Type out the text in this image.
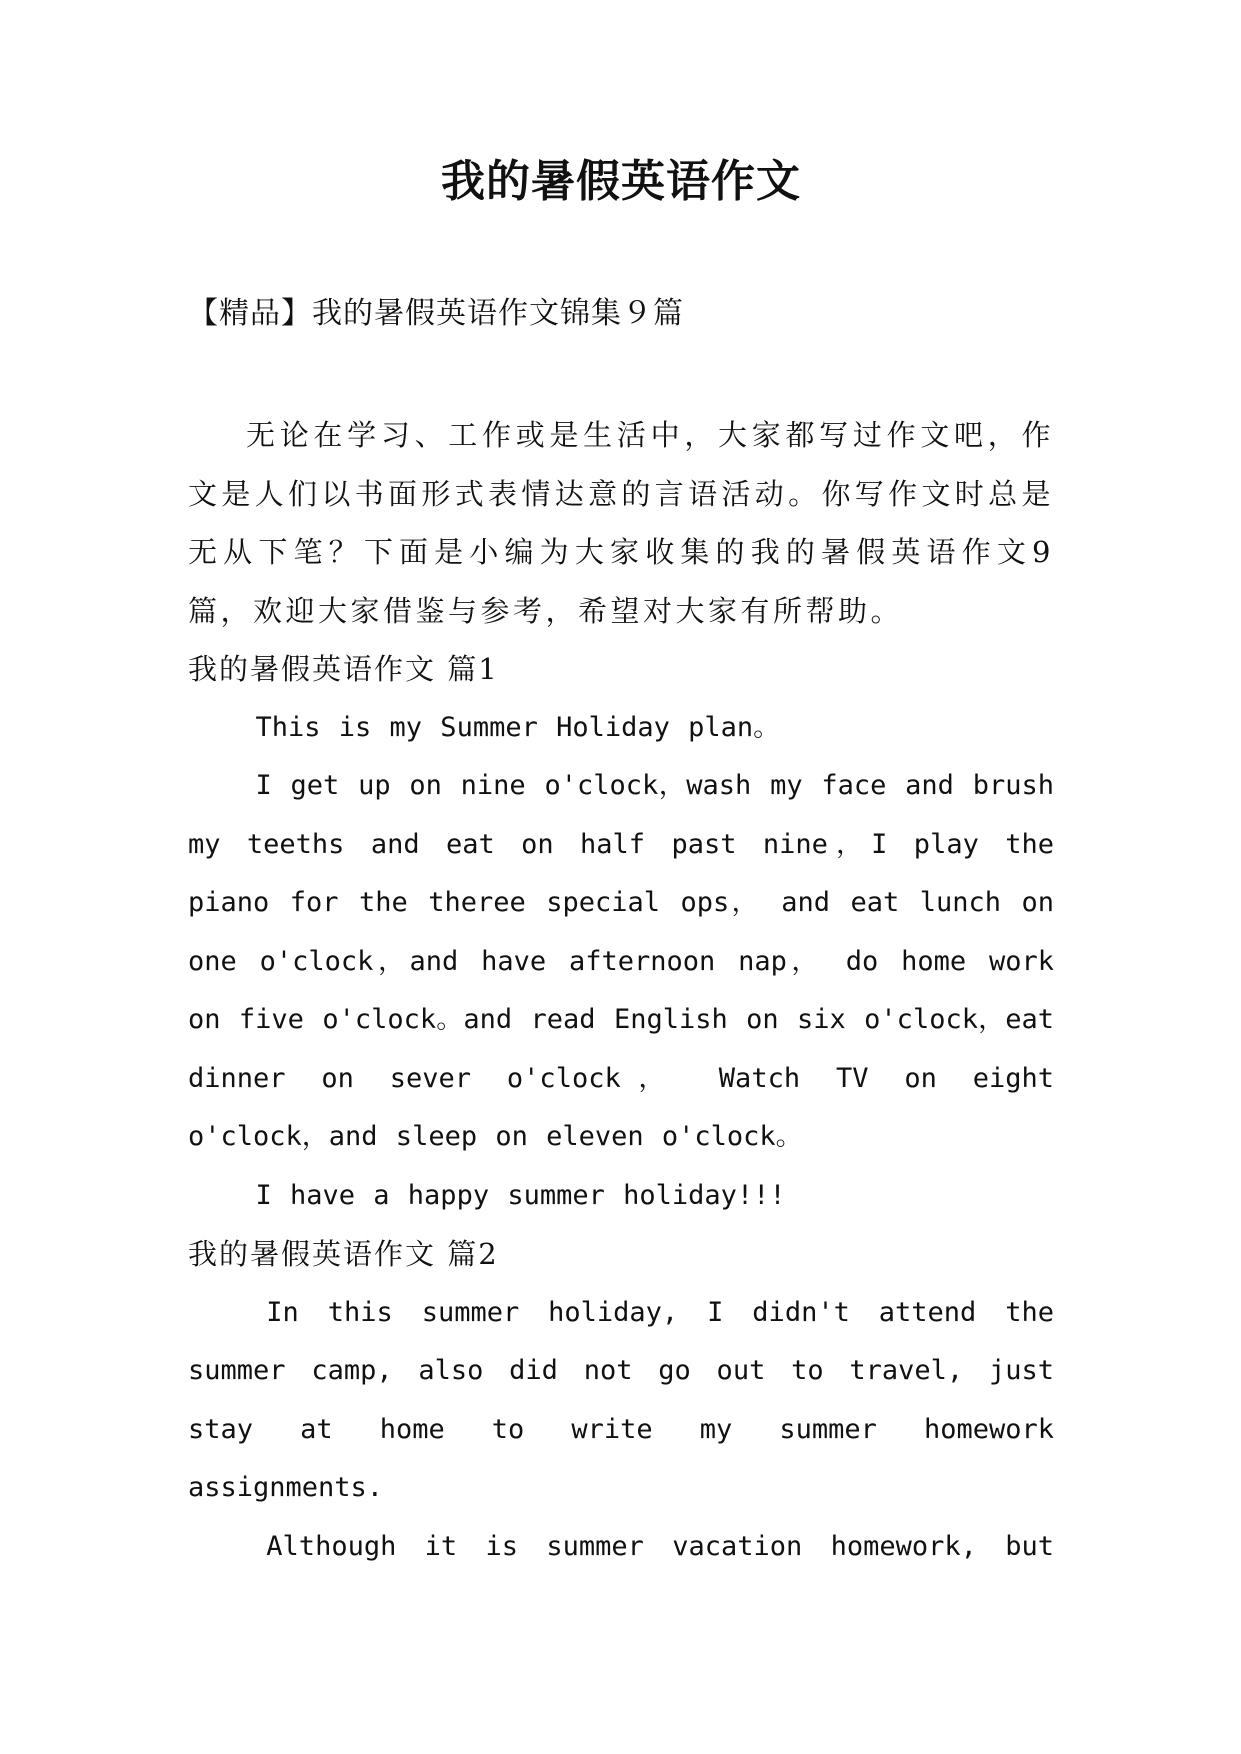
我的暑假英语作文

【精品】我的暑假英语作文锦集９篇

无论在学习、工作或是生活中，大家都写过作文吧，作文是人们以书面形式表情达意的言语活动。你写作文时总是无从下笔？下面是小编为大家收集的我的暑假英语作文9篇，欢迎大家借鉴与参考，希望对大家有所帮助。

我的暑假英语作文 篇1

This is my Summer Holiday plan。

I get up on nine o'clock，wash my face and brush my teeths and eat on half past nine，I play the piano for the theree special ops， and eat lunch on one o'clock，and have afternoon nap， do home work on five o'clock。and read English on six o'clock，eat dinner on sever o'clock， Watch TV on eight o'clock，and sleep on eleven o'clock。

I have a happy summer holiday!!!

我的暑假英语作文 篇2

In this summer holiday, I didn't attend the summer camp, also did not go out to travel, just stay at home to write my summer homework assignments.

Although it is summer vacation homework, but
